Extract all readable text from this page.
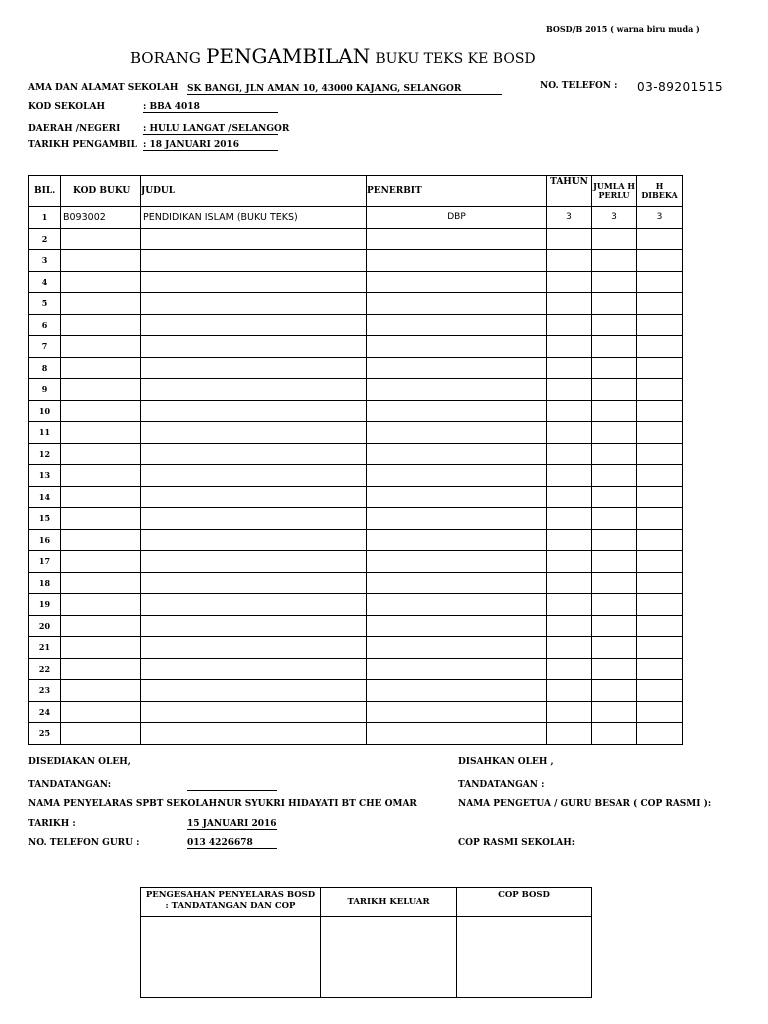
BOSD/B 2015 ( warna biru muda )
BORANG PENGAMBILAN BUKU TEKS KE BOSD
AMA DAN ALAMAT SEKOLAH SK BANGI, JLN AMAN 10, 43000 KAJANG, SELANGOR	NO. TELEFON : 03-89201515
KOD SEKOLAH	: BBA 4018
DAERAH /NEGERI	: HULU LANGAT /SELANGOR
TARIKH PENGAMBIL : 18 JANUARI 2016
BIL.	KOD BUKU	JUDUL	PENERBIT	TAHUN	JUMLA H PERLU	H DIBEKA
1	B093002	PENDIDIKAN ISLAM (BUKU TEKS)	DBP	3	3	3
2						
3						
4						
5						
6						
7						
8						
9						
10						
11						
12						
13						
14						
15						
16						
17						
18						
19						
20						
21						
22						
23						
24						
25						
DISEDIAKAN OLEH,	DISAHKAN OLEH ,
TANDATANGAN:	TANDATANGAN :
NAMA PENYELARAS SPBT SEKOLAH:
NUR SYUKRI HIDAYATI BT CHE OMAR	NAMA PENGETUA / GURU BESAR ( COP RASMI ):
TARIKH :	15 JANUARI 2016
NO. TELEFON GURU :	013 4226678	COP RASMI SEKOLAH:
PENGESAHAN PENYELARAS BOSD : TANDATANGAN DAN COP	TARIKH KELUAR	COP BOSD
